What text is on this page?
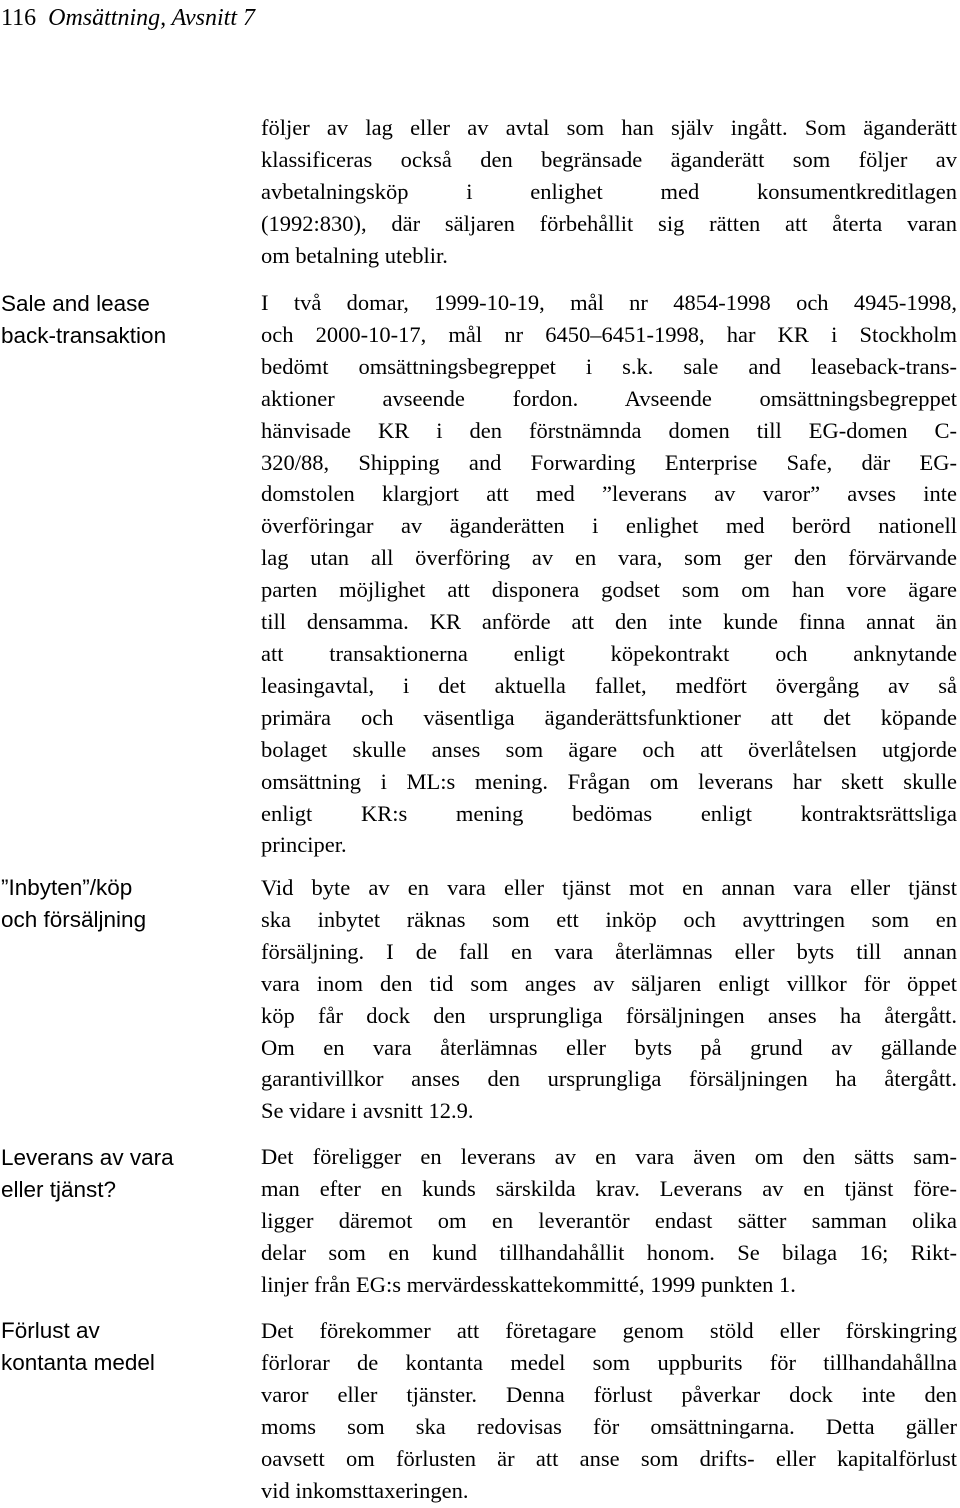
116 Omsättning, Avsnitt 7
Sale and lease
back-transaktion
”Inbyten”/köp
och försäljning
Leverans av vara
eller tjänst?
Förlust av
kontanta medel
följer av lag eller av avtal som han själv ingått. Som äganderätt
klassificeras också den begränsade äganderätt som följer av
avbetalningsköp i enlighet med konsumentkreditlagen
(1992:830), där säljaren förbehållit sig rätten att återta varan
om betalning uteblir.
I två domar, 1999-10-19, mål nr 4854-1998 och 4945-1998,
och 2000-10-17, mål nr 6450–6451-1998, har KR i Stockholm
bedömt omsättningsbegreppet i s.k. sale and leaseback-trans-
aktioner avseende fordon. Avseende omsättningsbegreppet
hänvisade KR i den förstnämnda domen till EG-domen C-
320/88, Shipping and Forwarding Enterprise Safe, där EG-
domstolen klargjort att med ”leverans av varor” avses inte
överföringar av äganderätten i enlighet med berörd nationell
lag utan all överföring av en vara, som ger den förvärvande
parten möjlighet att disponera godset som om han vore ägare
till densamma. KR anförde att den inte kunde finna annat än
att transaktionerna enligt köpekontrakt och anknytande
leasingavtal, i det aktuella fallet, medfört övergång av så
primära och väsentliga äganderättsfunktioner att det köpande
bolaget skulle anses som ägare och att överlåtelsen utgjorde
omsättning i ML:s mening. Frågan om leverans har skett skulle
enligt KR:s mening bedömas enligt kontraktsrättsliga
principer.
Vid byte av en vara eller tjänst mot en annan vara eller tjänst
ska inbytet räknas som ett inköp och avyttringen som en
försäljning. I de fall en vara återlämnas eller byts till annan
vara inom den tid som anges av säljaren enligt villkor för öppet
köp får dock den ursprungliga försäljningen anses ha återgått.
Om en vara återlämnas eller byts på grund av gällande
garantivillkor anses den ursprungliga försäljningen ha återgått.
Se vidare i avsnitt 12.9.
Det föreligger en leverans av en vara även om den sätts sam-
man efter en kunds särskilda krav. Leverans av en tjänst före-
ligger däremot om en leverantör endast sätter samman olika
delar som en kund tillhandahållit honom. Se bilaga 16; Rikt-
linjer från EG:s mervärdesskattekommitté, 1999 punkten 1.
Det förekommer att företagare genom stöld eller förskingring
förlorar de kontanta medel som uppburits för tillhandahållna
varor eller tjänster. Denna förlust påverkar dock inte den
moms som ska redovisas för omsättningarna. Detta gäller
oavsett om förlusten är att anse som drifts- eller kapitalförlust
vid inkomsttaxeringen.
